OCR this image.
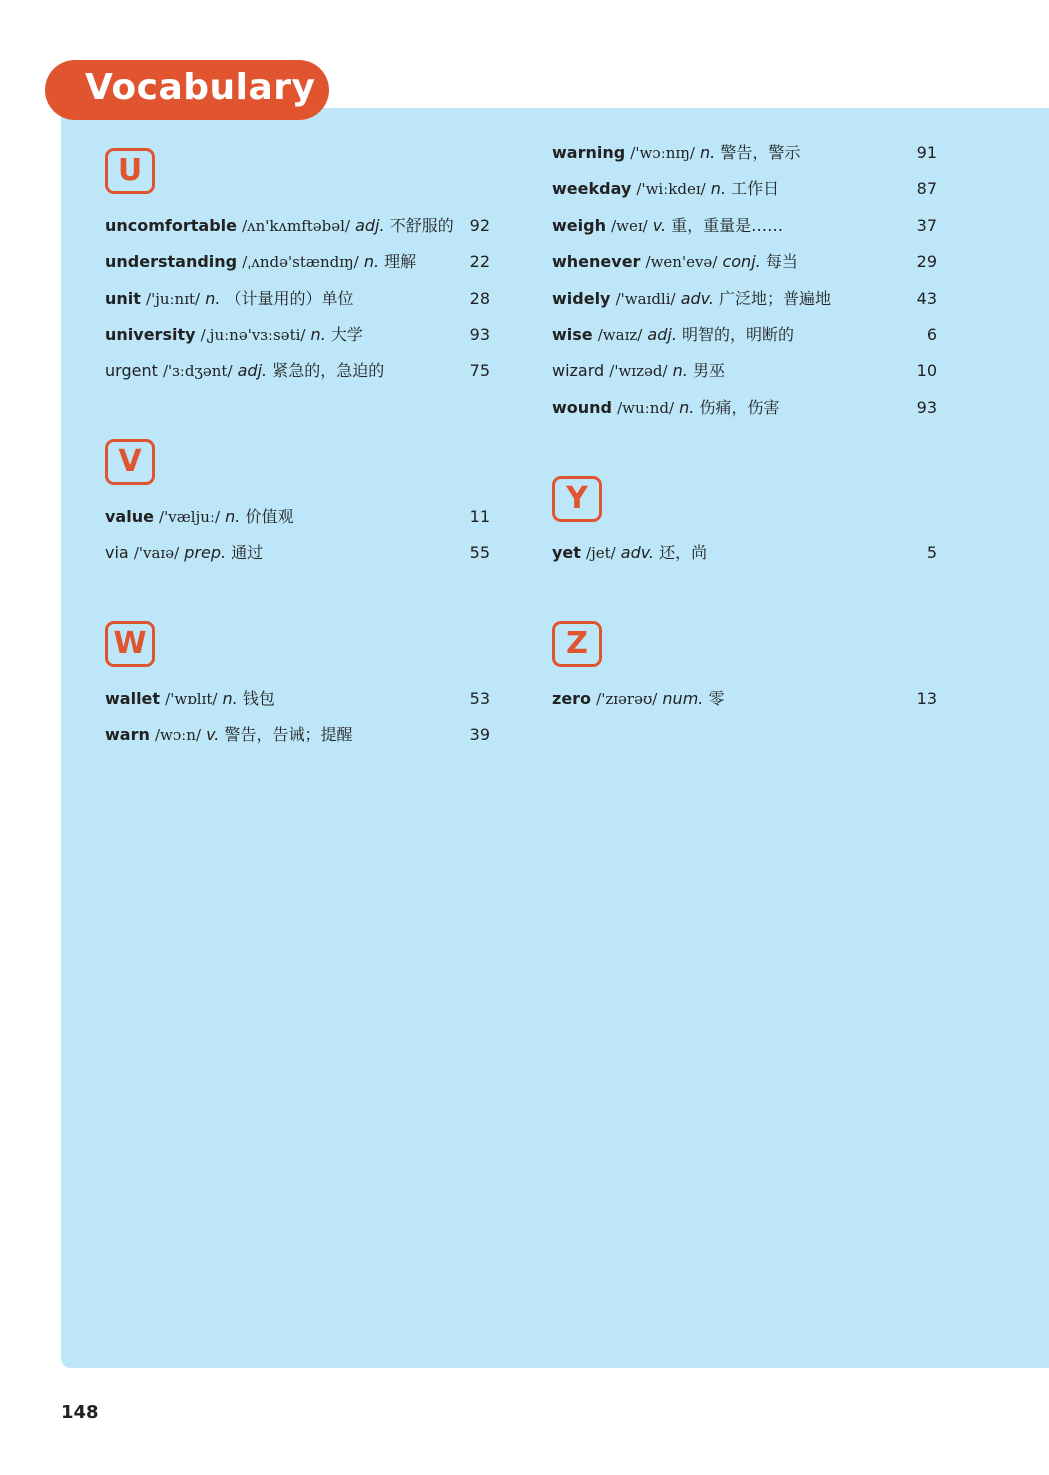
Vocabulary
U
uncomfortable /ʌn'kʌmftəbəl/ adj. 不舒服的 92
understanding /ˌʌndə'stændɪŋ/ n. 理解	22
unit /'juːnɪt/ n. （计量用的）单位	28
university /ˌjuːnə'vɜːsəti/ n. 大学	93
urgent /'ɜːdʒənt/ adj. 紧急的，急迫的	75
V
value /'væljuː/ n. 价值观	11
via /'vaɪə/ prep. 通过	55
W
wallet /'wɒlɪt/ n. 钱包	53
warn /wɔːn/ v. 警告，告诫；提醒	39
warning /'wɔːnɪŋ/ n. 警告，警示	91
weekday /'wiːkdeɪ/ n. 工作日	87
weigh /weɪ/ v. 重，重量是……	37
whenever /wen'evə/ conj. 每当	29
widely /'waɪdli/ adv. 广泛地；普遍地	43
wise /waɪz/ adj. 明智的，明断的	6
wizard /'wɪzəd/ n. 男巫	10
wound /wuːnd/ n. 伤痛，伤害	93
Y
yet /jet/ adv. 还，尚	5
Z
zero /'zɪərəʊ/ num. 零	13
148
